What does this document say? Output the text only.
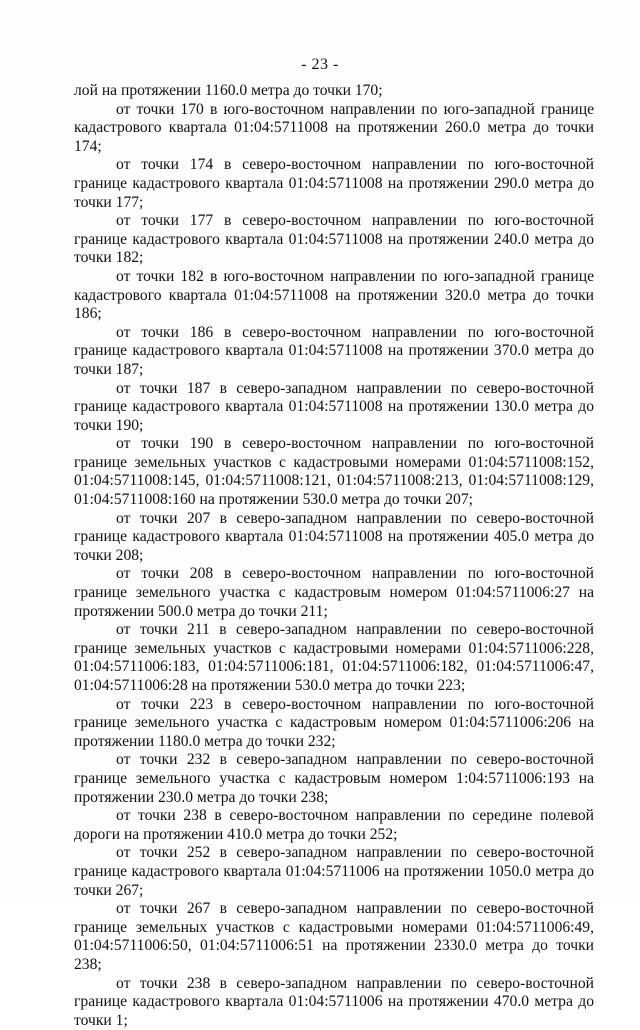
- 23 -

лой на протяжении 1160.0 метра до точки 170;

от точки 170 в юго-восточном направлении по юго-западной границе кадастрового квартала 01:04:5711008 на протяжении 260.0 метра до точки 174;

от точки 174 в северо-восточном направлении по юго-восточной границе кадастрового квартала 01:04:5711008 на протяжении 290.0 метра до точки 177;

от точки 177 в северо-восточном направлении по юго-восточной границе кадастрового квартала 01:04:5711008 на протяжении 240.0 метра до точки 182;

от точки 182 в юго-восточном направлении по юго-западной границе кадастрового квартала 01:04:5711008 на протяжении 320.0 метра до точки 186;

от точки 186 в северо-восточном направлении по юго-восточной границе кадастрового квартала 01:04:5711008 на протяжении 370.0 метра до точки 187;

от точки 187 в северо-западном направлении по северо-восточной границе кадастрового квартала 01:04:5711008 на протяжении 130.0 метра до точки 190;

от точки 190 в северо-восточном направлении по юго-восточной границе земельных участков с кадастровыми номерами 01:04:5711008:152, 01:04:5711008:145, 01:04:5711008:121, 01:04:5711008:213, 01:04:5711008:129, 01:04:5711008:160 на протяжении 530.0 метра до точки 207;

от точки 207 в северо-западном направлении по северо-восточной границе кадастрового квартала 01:04:5711008 на протяжении 405.0 метра до точки 208;

от точки 208 в северо-восточном направлении по юго-восточной границе земельного участка с кадастровым номером 01:04:5711006:27 на протяжении 500.0 метра до точки 211;

от точки 211 в северо-западном направлении по северо-восточной границе земельных участков с кадастровыми номерами 01:04:5711006:228, 01:04:5711006:183, 01:04:5711006:181, 01:04:5711006:182, 01:04:5711006:47, 01:04:5711006:28 на протяжении 530.0 метра до точки 223;

от точки 223 в северо-восточном направлении по юго-восточной границе земельного участка с кадастровым номером 01:04:5711006:206 на протяжении 1180.0 метра до точки 232;

от точки 232 в северо-западном направлении по северо-восточной границе земельного участка с кадастровым номером 1:04:5711006:193 на протяжении 230.0 метра до точки 238;

от точки 238 в северо-восточном направлении по середине полевой дороги на протяжении 410.0 метра до точки 252;

от точки 252 в северо-западном направлении по северо-восточной границе кадастрового квартала 01:04:5711006 на протяжении 1050.0 метра до точки 267;

от точки 267 в северо-западном направлении по северо-восточной границе земельных участков с кадастровыми номерами 01:04:5711006:49, 01:04:5711006:50, 01:04:5711006:51 на протяжении 2330.0 метра до точки 238;

от точки 238 в северо-западном направлении по северо-восточной границе кадастрового квартала 01:04:5711006 на протяжении 470.0 метра до точки 1;
